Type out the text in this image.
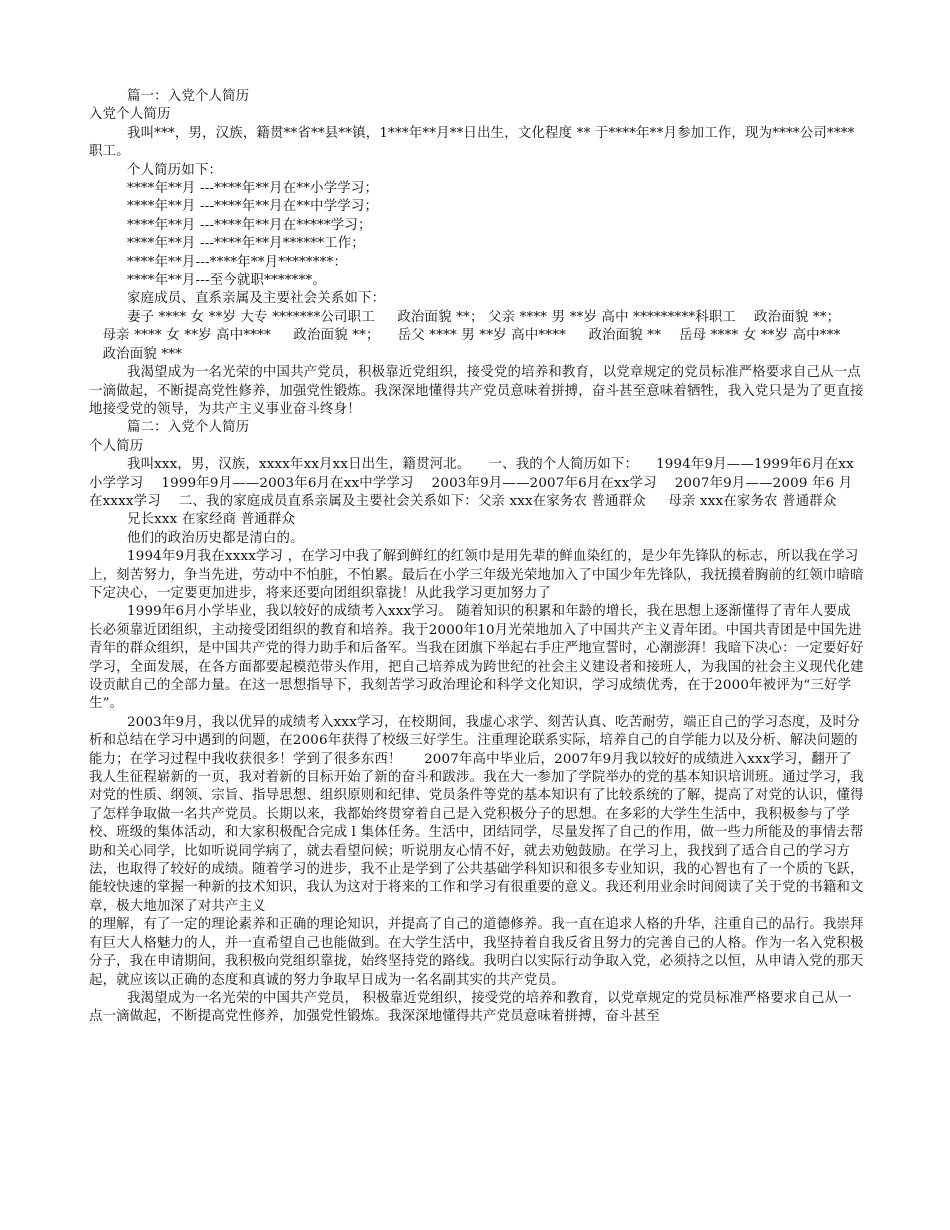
篇一：入党个人简历

入党个人简历

我叫***，男，汉族，籍贯**省**县**镇，1***年**月**日出生，文化程度 ** 于****年**月参加工作，现为****公司****职工。

个人简历如下：

****年**月 ---****年**月在**小学学习；

****年**月 ---****年**月在**中学学习；

****年**月 ---****年**月在*****学习；

****年**月 ---****年**月******工作；

****年**月---****年**月********：

****年**月---至今就职*******。

家庭成员、直系亲属及主要社会关系如下：

妻子 **** 女 **岁 大专 *******公司职工 　 政治面貌 **； 父亲 **** 男 **岁 高中 *********科职工 　政治面貌 **； 　母亲 **** 女 **岁 高中**** 　 政治面貌 **； 　岳父 **** 男 **岁 高中**** 　 政治面貌 ** 　岳母 **** 女 **岁 高中*** 　政治面貌 ***

我渴望成为一名光荣的中国共产党员，积极靠近党组织，接受党的培养和教育，以党章规定的党员标准严格要求自己从一点一滴做起，不断提高党性修养，加强党性锻炼。我深深地懂得共产党员意味着拼搏，奋斗甚至意味着牺牲，我入党只是为了更直接地接受党的领导，为共产主义事业奋斗终身！

篇二：入党个人简历

个人简历

我叫xxx，男，汉族，xxxx年xx月xx日出生，籍贯河北。 　一、我的个人简历如下： 　1994年9月——1999年6月在xx小学学习 　1999年9月——2003年6月在xx中学学习 　2003年9月——2007年6月在xx学习 　2007年9月——2009 年6 月在xxxx学习 　二、我的家庭成员直系亲属及主要社会关系如下：父亲 xxx在家务农 普通群众 　 母亲 xxx在家务农 普通群众

兄长xxx 在家经商 普通群众

他们的政治历史都是清白的。

1994年9月我在xxxx学习 ，在学习中我了解到鲜红的红领巾是用先辈的鲜血染红的，是少年先锋队的标志，所以我在学习上，刻苦努力，争当先进，劳动中不怕脏，不怕累。最后在小学三年级光荣地加入了中国少年先锋队，我抚摸着胸前的红领巾暗暗下定决心，一定要更加进步，将来还要向团组织靠拢！从此我学习更加努力了

1999年6月小学毕业，我以较好的成绩考入xxx学习。 随着知识的积累和年龄的增长，我在思想上逐渐懂得了青年人要成长必须靠近团组织，主动接受团组织的教育和培养。我于2000年10月光荣地加入了中国共产主义青年团。中国共青团是中国先进青年的群众组织，是中国共产党的得力助手和后备军。当我在团旗下举起右手庄严地宣誓时，心潮澎湃！我暗下决心：一定要好好学习，全面发展，在各方面都要起模范带头作用，把自己培养成为跨世纪的社会主义建设者和接班人，为我国的社会主义现代化建设贡献自己的全部力量。在这一思想指导下，我刻苦学习政治理论和科学文化知识，学习成绩优秀，在于2000年被评为“三好学生”。

2003年9月，我以优异的成绩考入xxx学习，在校期间，我虚心求学、刻苦认真、吃苦耐劳，端正自己的学习态度，及时分析和总结在学习中遇到的问题，在2006年获得了校级三好学生。注重理论联系实际，培养自己的自学能力以及分析、解决问题的能力；在学习过程中我收获很多！学到了很多东西！ 　 2007年高中毕业后，2007年9月我以较好的成绩进入xxx学习，翻开了我人生征程崭新的一页，我对着新的目标开始了新的奋斗和跋涉。我在大一参加了学院举办的党的基本知识培训班。通过学习，我对党的性质、纲领、宗旨、指导思想、组织原则和纪律、党员条件等党的基本知识有了比较系统的了解，提高了对党的认识，懂得了怎样争取做一名共产党员。长期以来，我都始终贯穿着自己是入党积极分子的思想。在多彩的大学生生活中，我积极参与了学校、班级的集体活动，和大家积极配合完成 l 集体任务。生活中，团结同学，尽量发挥了自己的作用，做一些力所能及的事情去帮助和关心同学，比如听说同学病了，就去看望问候；听说朋友心情不好，就去劝勉鼓励。在学习上，我找到了适合自己的学习方法，也取得了较好的成绩。随着学习的进步，我不止是学到了公共基础学科知识和很多专业知识，我的心智也有了一个质的飞跃，能较快速的掌握一种新的技术知识，我认为这对于将来的工作和学习有很重要的意义。我还利用业余时间阅读了关于党的书籍和文章，极大地加深了对共产主义

的理解，有了一定的理论素养和正确的理论知识，并提高了自己的道德修养。我一直在追求人格的升华，注重自己的品行。我崇拜有巨大人格魅力的人，并一直希望自己也能做到。在大学生活中，我坚持着自我反省且努力的完善自己的人格。作为一名入党积极分子，我在申请期间，我积极向党组织靠拢，始终坚持党的路线。我明白以实际行动争取入党，必须持之以恒，从申请入党的那天起，就应该以正确的态度和真诚的努力争取早日成为一名名副其实的共产党员。

我渴望成为一名光荣的中国共产党员， 积极靠近党组织，接受党的培养和教育，以党章规定的党员标准严格要求自己从一点一滴做起，不断提高党性修养，加强党性锻炼。我深深地懂得共产党员意味着拼搏，奋斗甚至
